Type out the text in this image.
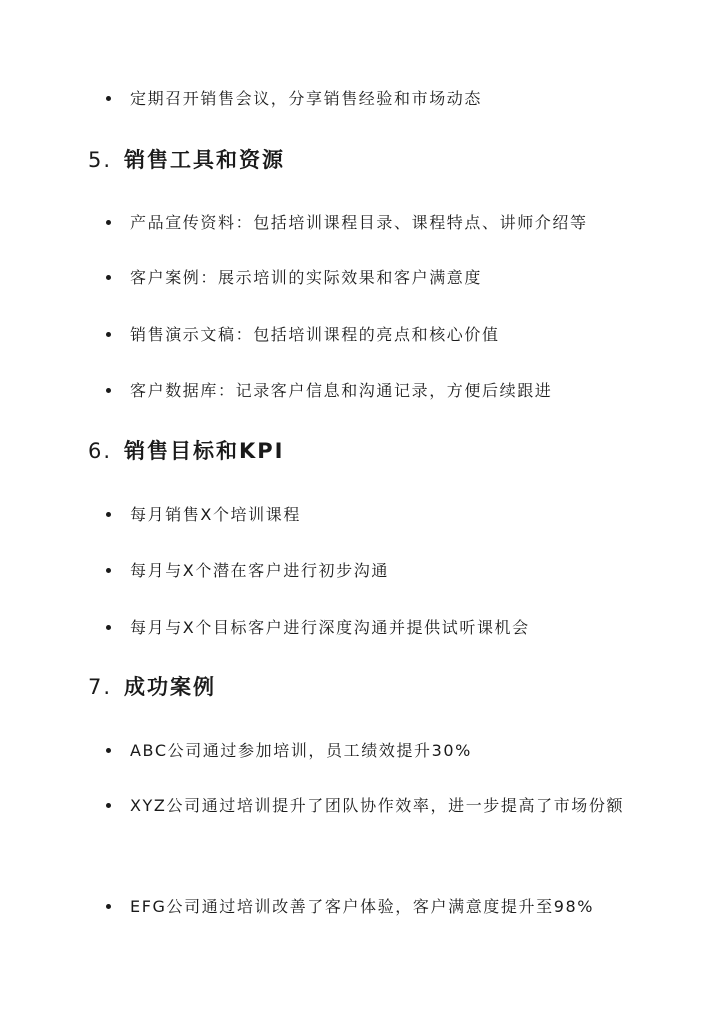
定期召开销售会议，分享销售经验和市场动态
5. 销售工具和资源
产品宣传资料：包括培训课程目录、课程特点、讲师介绍等
客户案例：展示培训的实际效果和客户满意度
销售演示文稿：包括培训课程的亮点和核心价值
客户数据库：记录客户信息和沟通记录，方便后续跟进
6. 销售目标和KPI
每月销售X个培训课程
每月与X个潜在客户进行初步沟通
每月与X个目标客户进行深度沟通并提供试听课机会
7. 成功案例
ABC公司通过参加培训，员工绩效提升30%
XYZ公司通过培训提升了团队协作效率，进一步提高了市场份额
EFG公司通过培训改善了客户体验，客户满意度提升至98%
